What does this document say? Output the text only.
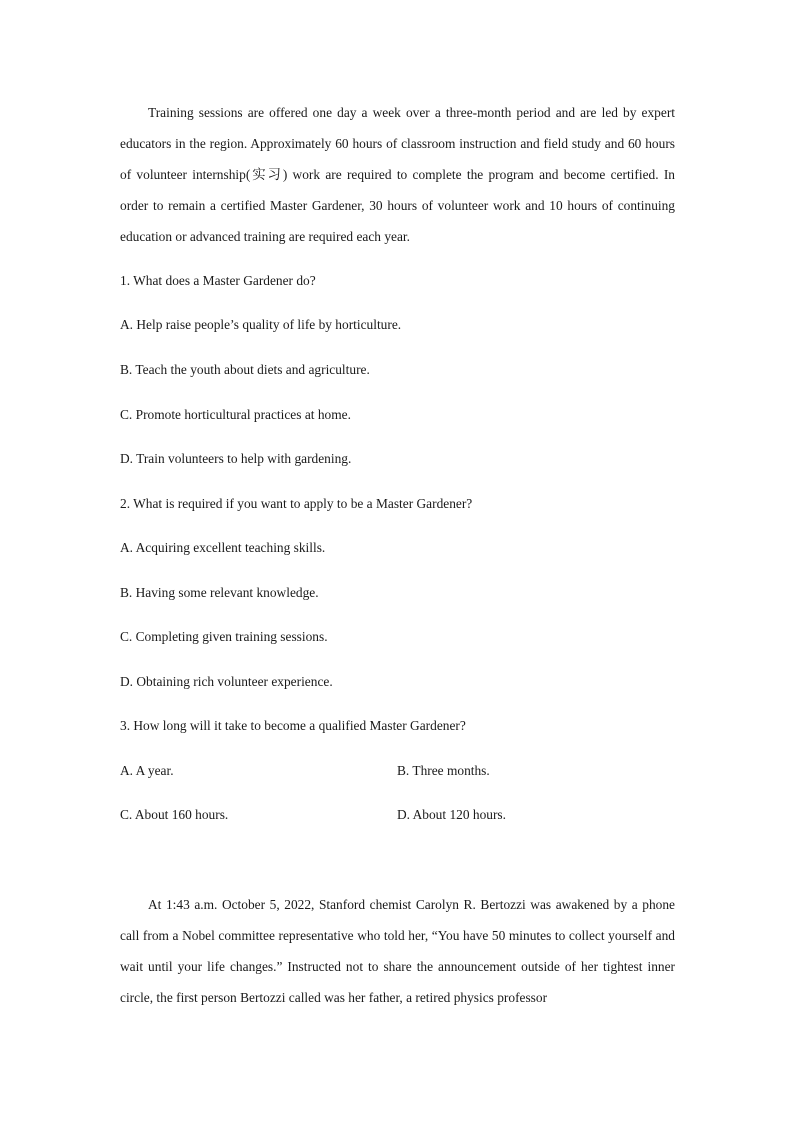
Training sessions are offered one day a week over a three-month period and are led by expert educators in the region. Approximately 60 hours of classroom instruction and field study and 60 hours of volunteer internship(实习) work are required to complete the program and become certified. In order to remain a certified Master Gardener, 30 hours of volunteer work and 10 hours of continuing education or advanced training are required each year.

1. What does a Master Gardener do?

A. Help raise people’s quality of life by horticulture.

B. Teach the youth about diets and agriculture.

C. Promote horticultural practices at home.

D. Train volunteers to help with gardening.

2. What is required if you want to apply to be a Master Gardener?

A. Acquiring excellent teaching skills.

B. Having some relevant knowledge.

C. Completing given training sessions.

D. Obtaining rich volunteer experience.

3. How long will it take to become a qualified Master Gardener?

A. A year.	B. Three months.

C. About 160 hours.	D. About 120 hours.

At 1:43 a.m. October 5, 2022, Stanford chemist Carolyn R. Bertozzi was awakened by a phone call from a Nobel committee representative who told her, “You have 50 minutes to collect yourself and wait until your life changes.” Instructed not to share the announcement outside of her tightest inner circle, the first person Bertozzi called was her father, a retired physics professor
